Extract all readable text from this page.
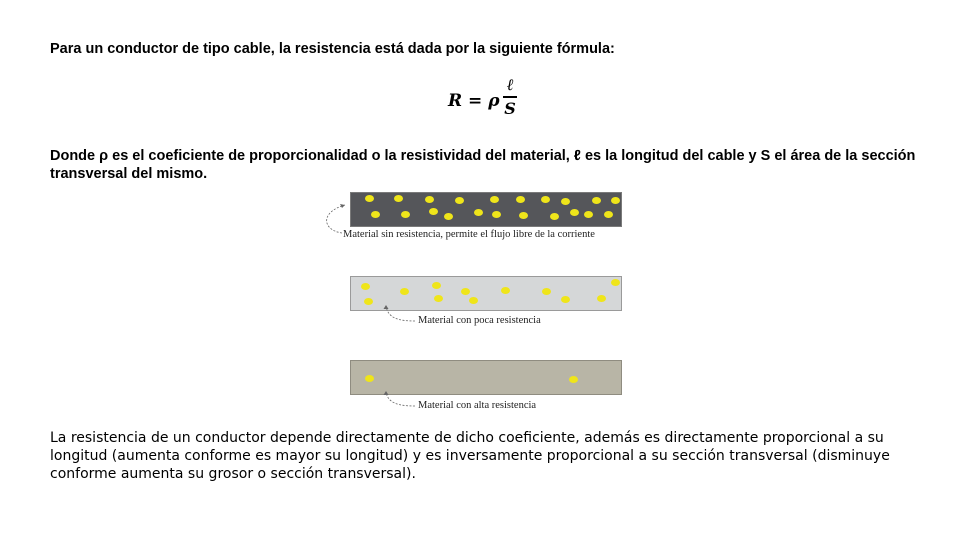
Para un conductor de tipo cable, la resistencia está dada por la siguiente fórmula:

R = ρ
ℓ
S

Donde ρ es el coeficiente de proporcionalidad o la resistividad del material, ℓ es la longitud del cable y S el área de la sección transversal del mismo.

Material sin resistencia, permite el flujo libre de la corriente
Material con poca resistencia
Material con alta resistencia

La resistencia de un conductor depende directamente de dicho coeficiente, además es directamente proporcional a su longitud (aumenta conforme es mayor su longitud) y es inversamente proporcional a su sección transversal (disminuye conforme aumenta su grosor o sección transversal).
